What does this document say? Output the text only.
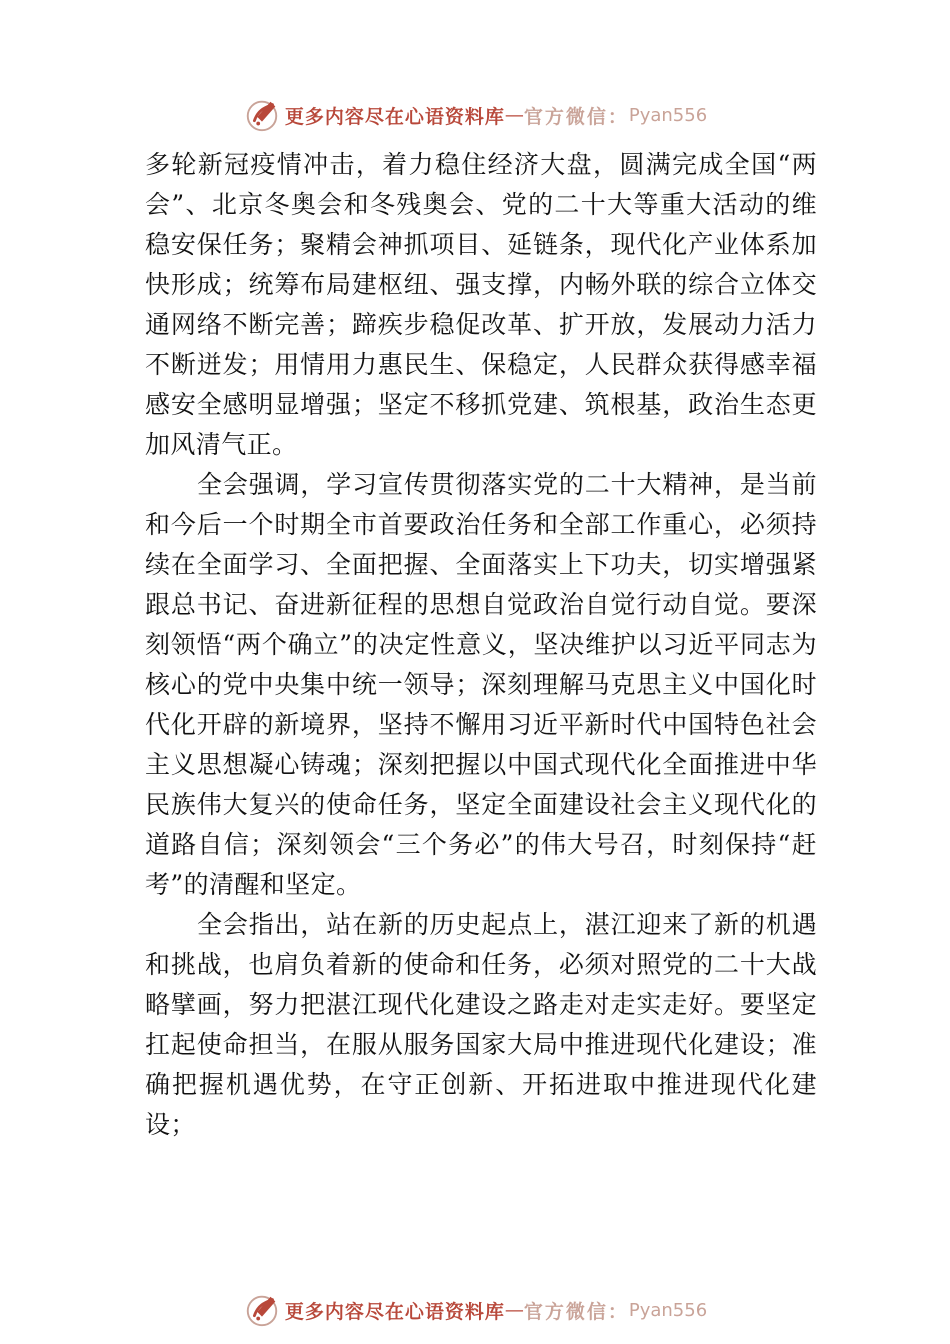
更多内容尽在心语资料库 — 官方微信： Pyan556

多轮新冠疫情冲击，着力稳住经济大盘，圆满完成全国“两会”、北京冬奥会和冬残奥会、党的二十大等重大活动的维稳安保任务；聚精会神抓项目、延链条，现代化产业体系加快形成；统筹布局建枢纽、强支撑，内畅外联的综合立体交通网络不断完善；蹄疾步稳促改革、扩开放，发展动力活力不断迸发；用情用力惠民生、保稳定，人民群众获得感幸福感安全感明显增强；坚定不移抓党建、筑根基，政治生态更加风清气正。

全会强调，学习宣传贯彻落实党的二十大精神，是当前和今后一个时期全市首要政治任务和全部工作重心，必须持续在全面学习、全面把握、全面落实上下功夫，切实增强紧跟总书记、奋进新征程的思想自觉政治自觉行动自觉。要深刻领悟“两个确立”的决定性意义，坚决维护以习近平同志为核心的党中央集中统一领导；深刻理解马克思主义中国化时代化开辟的新境界，坚持不懈用习近平新时代中国特色社会主义思想凝心铸魂；深刻把握以中国式现代化全面推进中华民族伟大复兴的使命任务，坚定全面建设社会主义现代化的道路自信；深刻领会“三个务必”的伟大号召，时刻保持“赶考”的清醒和坚定。

全会指出，站在新的历史起点上，湛江迎来了新的机遇和挑战，也肩负着新的使命和任务，必须对照党的二十大战略擘画，努力把湛江现代化建设之路走对走实走好。要坚定扛起使命担当，在服从服务国家大局中推进现代化建设；准确把握机遇优势，在守正创新、开拓进取中推进现代化建设；

更多内容尽在心语资料库 — 官方微信： Pyan556
